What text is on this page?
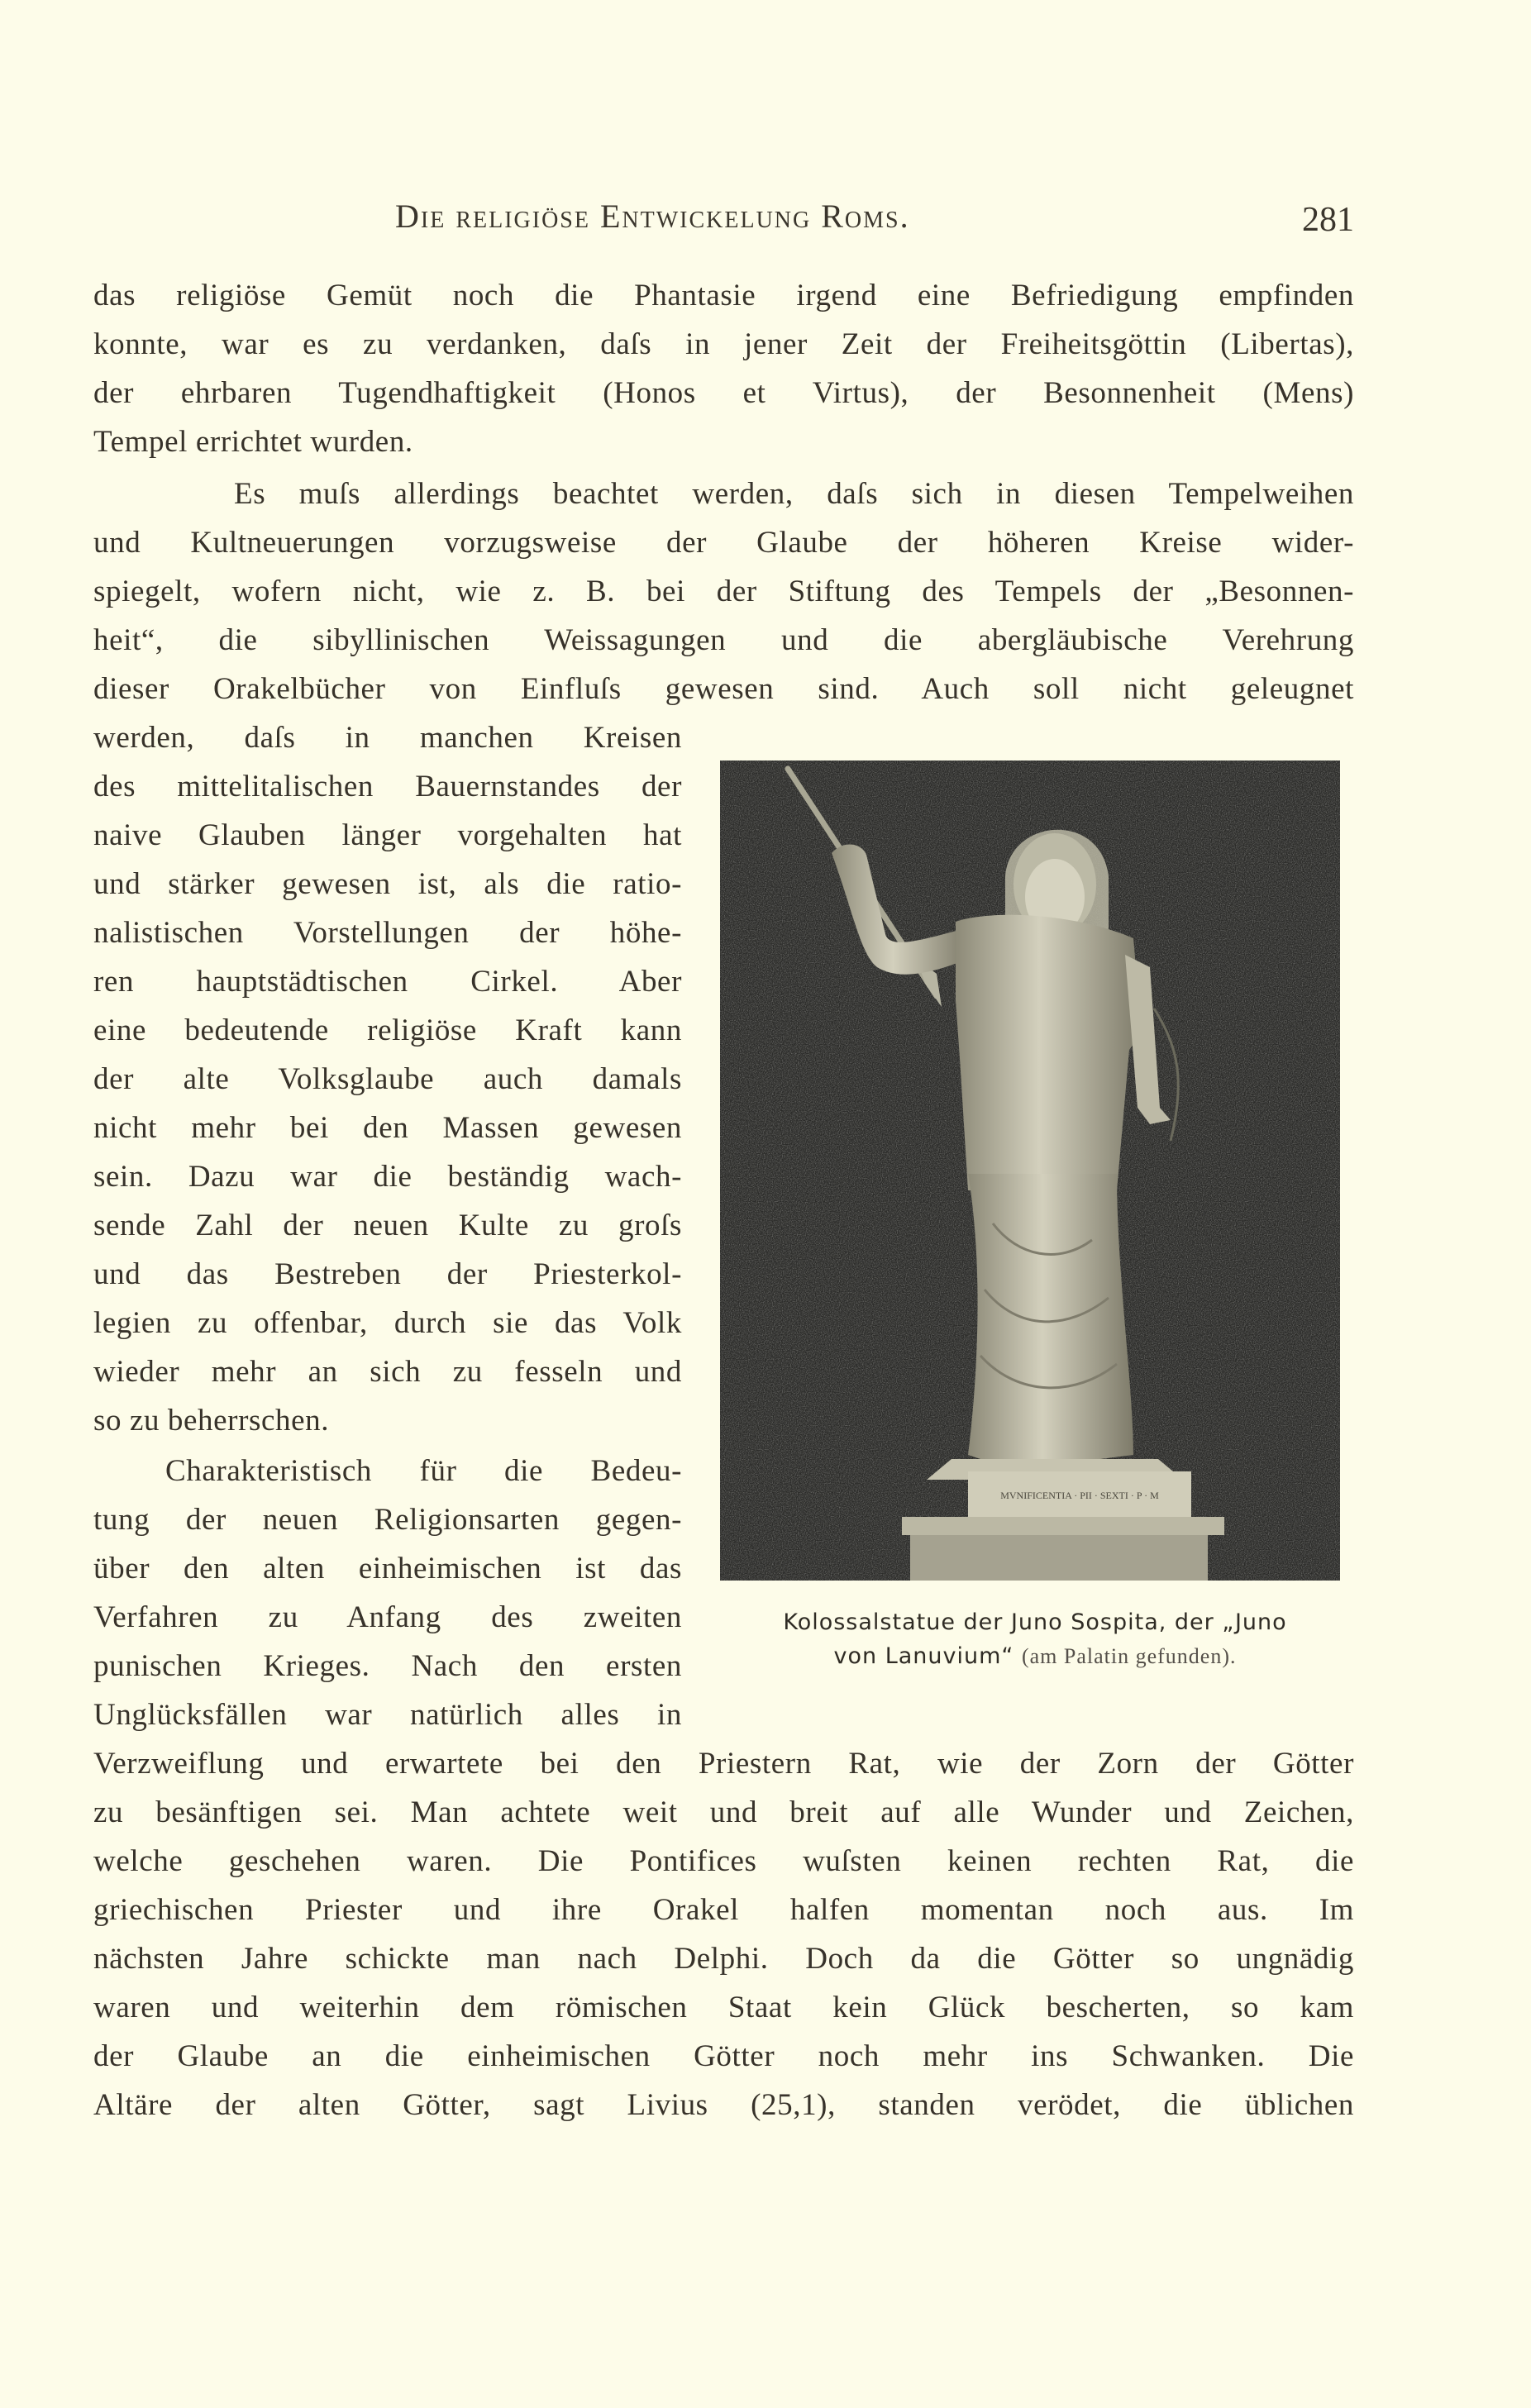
Die religiöse Entwickelung Roms.	281
das religiöse Gemüt noch die Phantasie irgend eine Befriedigung empfinden
konnte, war es zu verdanken, daſs in jener Zeit der Freiheitsgöttin (Libertas),
der ehrbaren Tugendhaftigkeit (Honos et Virtus), der Besonnenheit (Mens)
Tempel errichtet wurden.
Es muſs allerdings beachtet werden, daſs sich in diesen Tempelweihen
und Kultneuerungen vorzugsweise der Glaube der höheren Kreise wider-
spiegelt, wofern nicht, wie z. B. bei der Stiftung des Tempels der „Besonnen-
heit“, die sibyllinischen Weissagungen und die abergläubische Verehrung
dieser Orakelbücher von Einfluſs gewesen sind. Auch soll nicht geleugnet
werden, daſs in manchen Kreisen
des mittelitalischen Bauernstandes der
naive Glauben länger vorgehalten hat
und stärker gewesen ist, als die ratio-
nalistischen Vorstellungen der höhe-
ren hauptstädtischen Cirkel. Aber
eine bedeutende religiöse Kraft kann
der alte Volksglaube auch damals
nicht mehr bei den Massen gewesen
sein. Dazu war die beständig wach-
sende Zahl der neuen Kulte zu groſs
und das Bestreben der Priesterkol-
legien zu offenbar, durch sie das Volk
wieder mehr an sich zu fesseln und
so zu beherrschen.
Charakteristisch für die Bedeu-
tung der neuen Religionsarten gegen-
über den alten einheimischen ist das
Verfahren zu Anfang des zweiten
punischen Krieges. Nach den ersten
Unglücksfällen war natürlich alles in
Verzweiflung und erwartete bei den Priestern Rat, wie der Zorn der Götter
zu besänftigen sei. Man achtete weit und breit auf alle Wunder und Zeichen,
welche geschehen waren. Die Pontifices wuſsten keinen rechten Rat, die
griechischen Priester und ihre Orakel halfen momentan noch aus. Im
nächsten Jahre schickte man nach Delphi. Doch da die Götter so ungnädig
waren und weiterhin dem römischen Staat kein Glück bescherten, so kam
der Glaube an die einheimischen Götter noch mehr ins Schwanken. Die
Altäre der alten Götter, sagt Livius (25,1), standen verödet, die üblichen
MVNIFICENTIA · PII · SEXTI · P · M
Kolossalstatue der Juno Sospita, der „Juno
von Lanuvium“ (am Palatin gefunden).
